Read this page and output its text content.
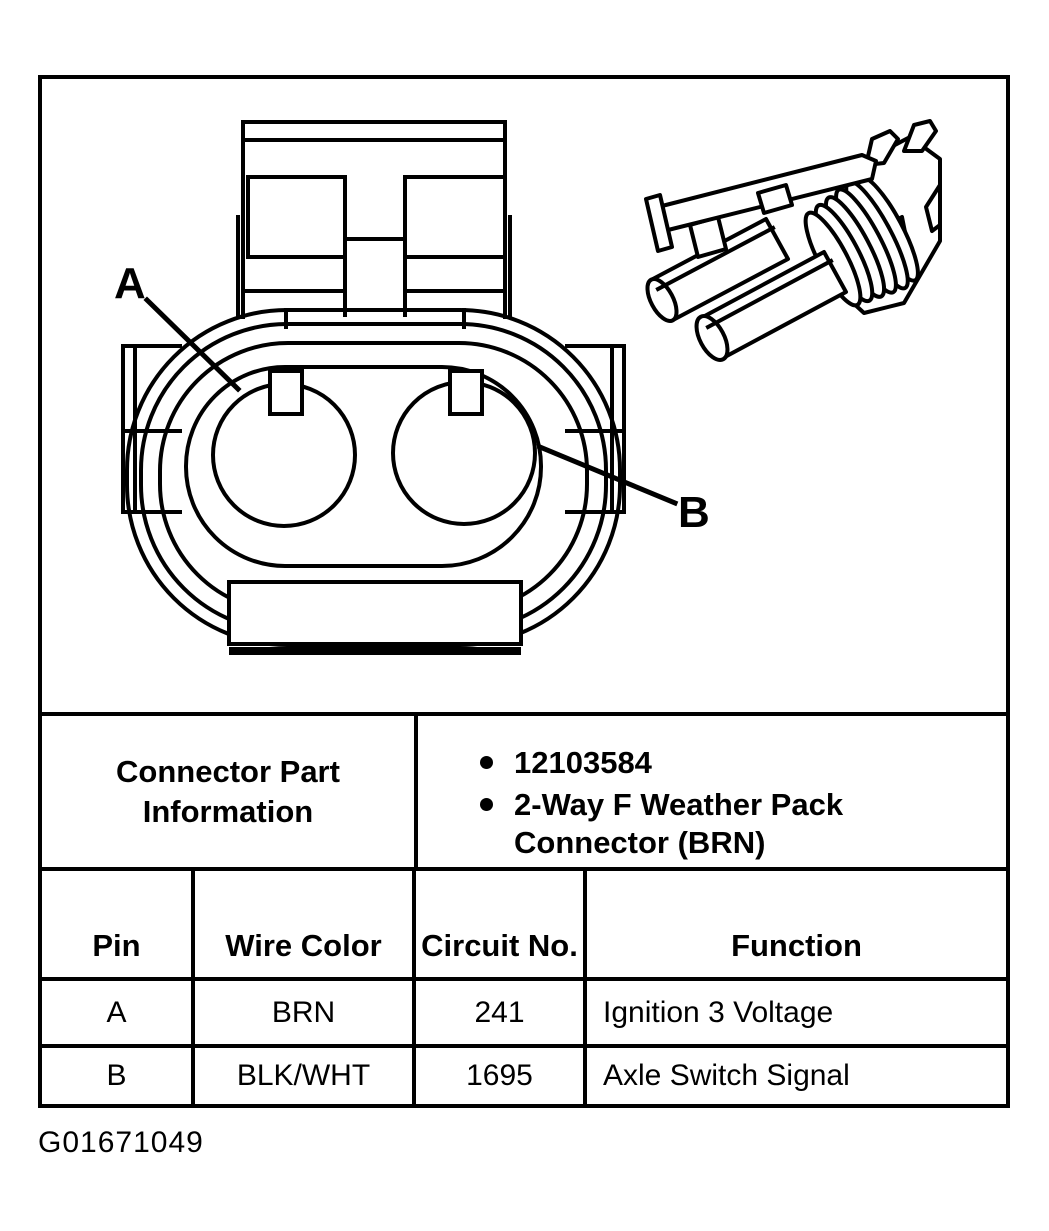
A
B
Connector Part Information
12103584
2-Way F Weather Pack Connector (BRN)
Pin	Wire Color	Circuit No.	Function
A	BRN	241	Ignition 3 Voltage
B	BLK/WHT	1695	Axle Switch Signal
G01671049
